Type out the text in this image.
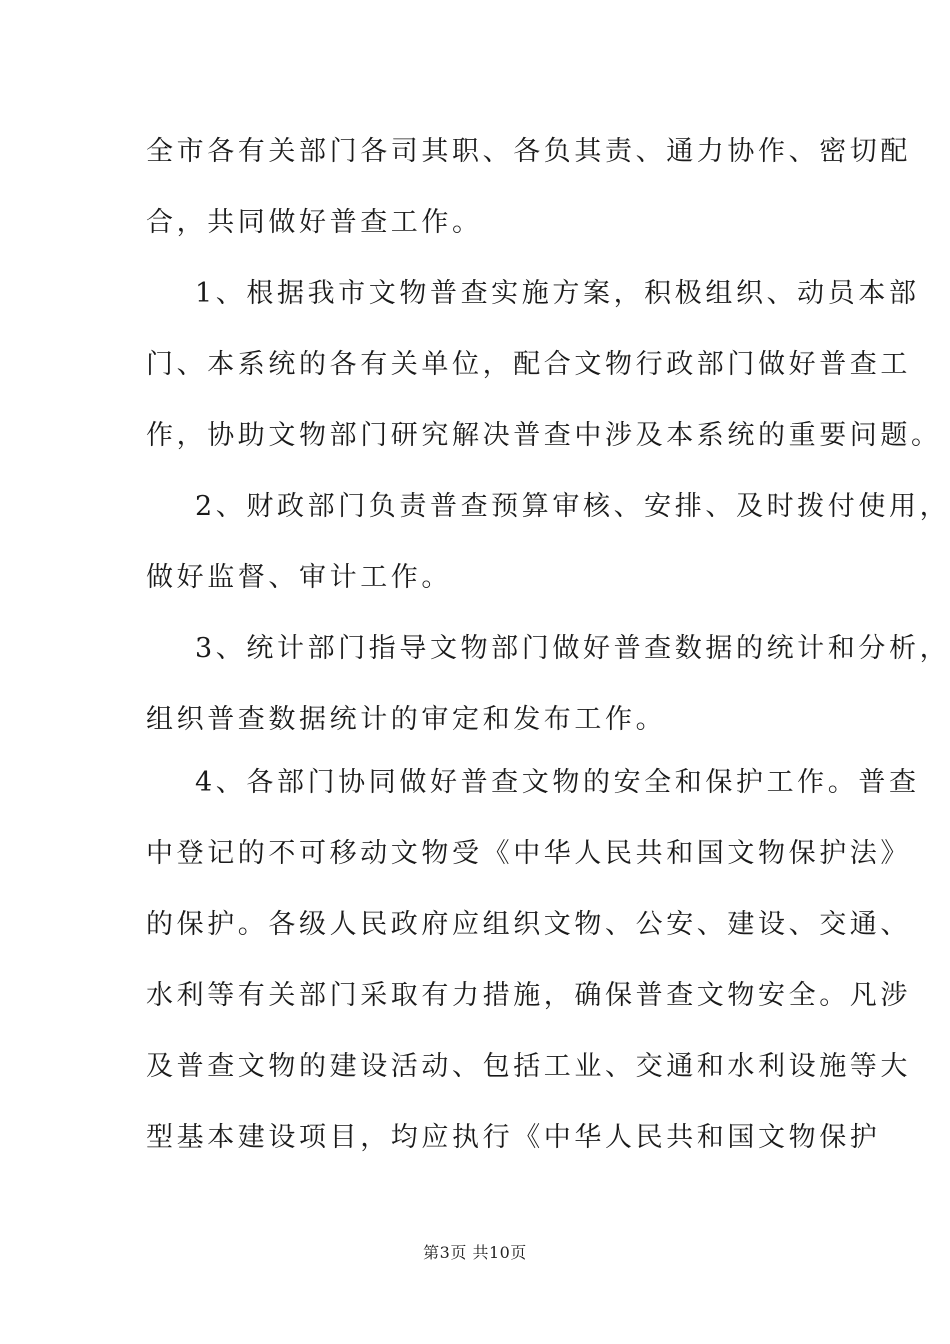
全市各有关部门各司其职、各负其责、通力协作、密切配
合，共同做好普查工作。
1、根据我市文物普查实施方案，积极组织、动员本部
门、本系统的各有关单位，配合文物行政部门做好普查工
作，协助文物部门研究解决普查中涉及本系统的重要问题。
2、财政部门负责普查预算审核、安排、及时拨付使用，
做好监督、审计工作。
3、统计部门指导文物部门做好普查数据的统计和分析，
组织普查数据统计的审定和发布工作。
4、各部门协同做好普查文物的安全和保护工作。普查
中登记的不可移动文物受《中华人民共和国文物保护法》
的保护。各级人民政府应组织文物、公安、建设、交通、
水利等有关部门采取有力措施，确保普查文物安全。凡涉
及普查文物的建设活动、包括工业、交通和水利设施等大
型基本建设项目，均应执行《中华人民共和国文物保护
第3页 共10页
